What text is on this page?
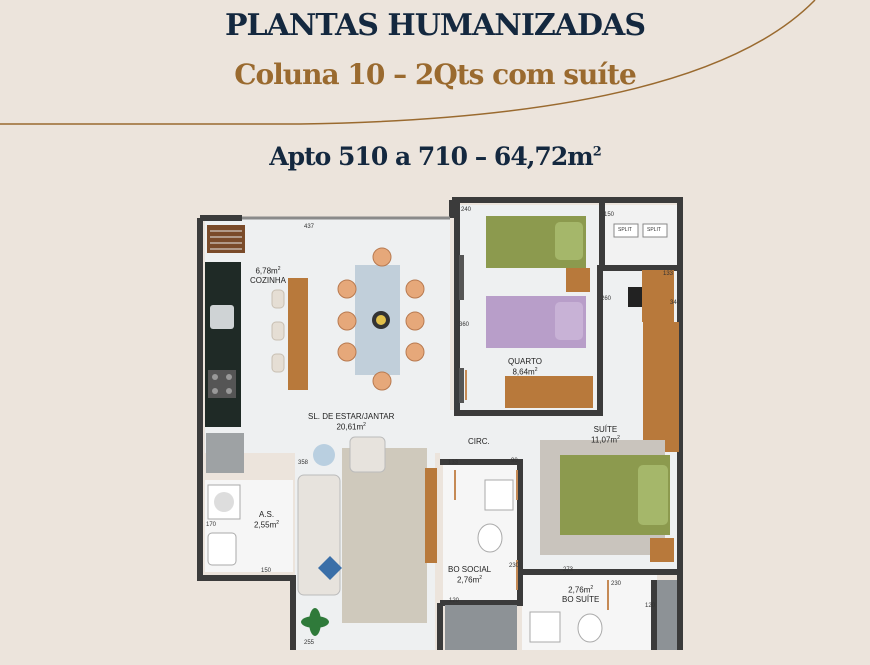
PLANTAS HUMANIZADAS
Coluna 10 – 2Qts com suíte
Apto 510 a $710 - 64,72m^2$
$6,78m^2$
COZINHA
SL. DE ESTAR/JANTAR
$20,61m^2$
QUARTO
$8,64m^2$
SUÍTE
$11,07m^2$
CIRC.
A.S.
$2,55m^2$
BO SOCIAL
$2,76m^2$
$2,76m^2$
BO SUÍTE
437
240
150
133
260
340
360
358	133	90
170
150
230
273
230
120
120
255
SPLIT	SPLIT
